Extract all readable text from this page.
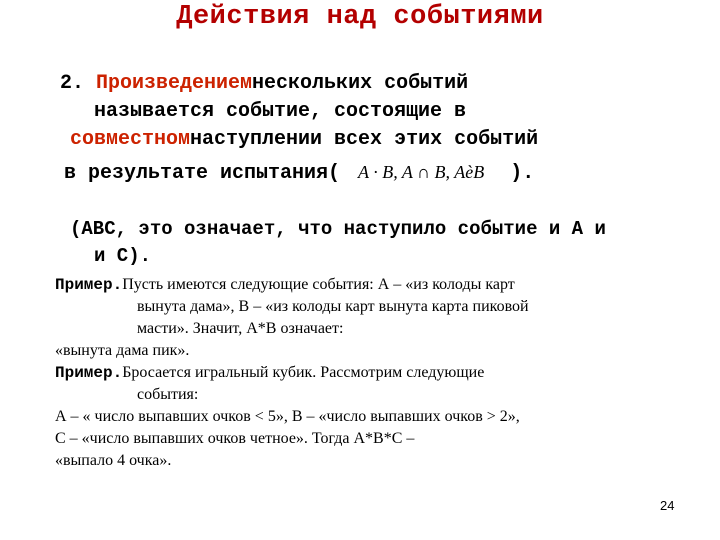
Действия над событиями
2. Произведениемнескольких событий
называется событие, состоящие в
совместномнаступлении всех этих событий
в результате испытания( A · B, A ∩ B, AèB ).
(АВС, это означает, что наступило событие и А и
и С).
Пример.Пусть имеются следующие события: А – «из колоды карт
вынута дама», В – «из колоды карт вынута карта пиковой
масти». Значит, А*В означает:
«вынута дама пик».
Пример.Бросается игральный кубик. Рассмотрим следующие
события:
А – « число выпавших очков < 5», В – «число выпавших очков > 2»,
С – «число выпавших очков четное». Тогда А*В*С –
«выпало 4 очка».
24
